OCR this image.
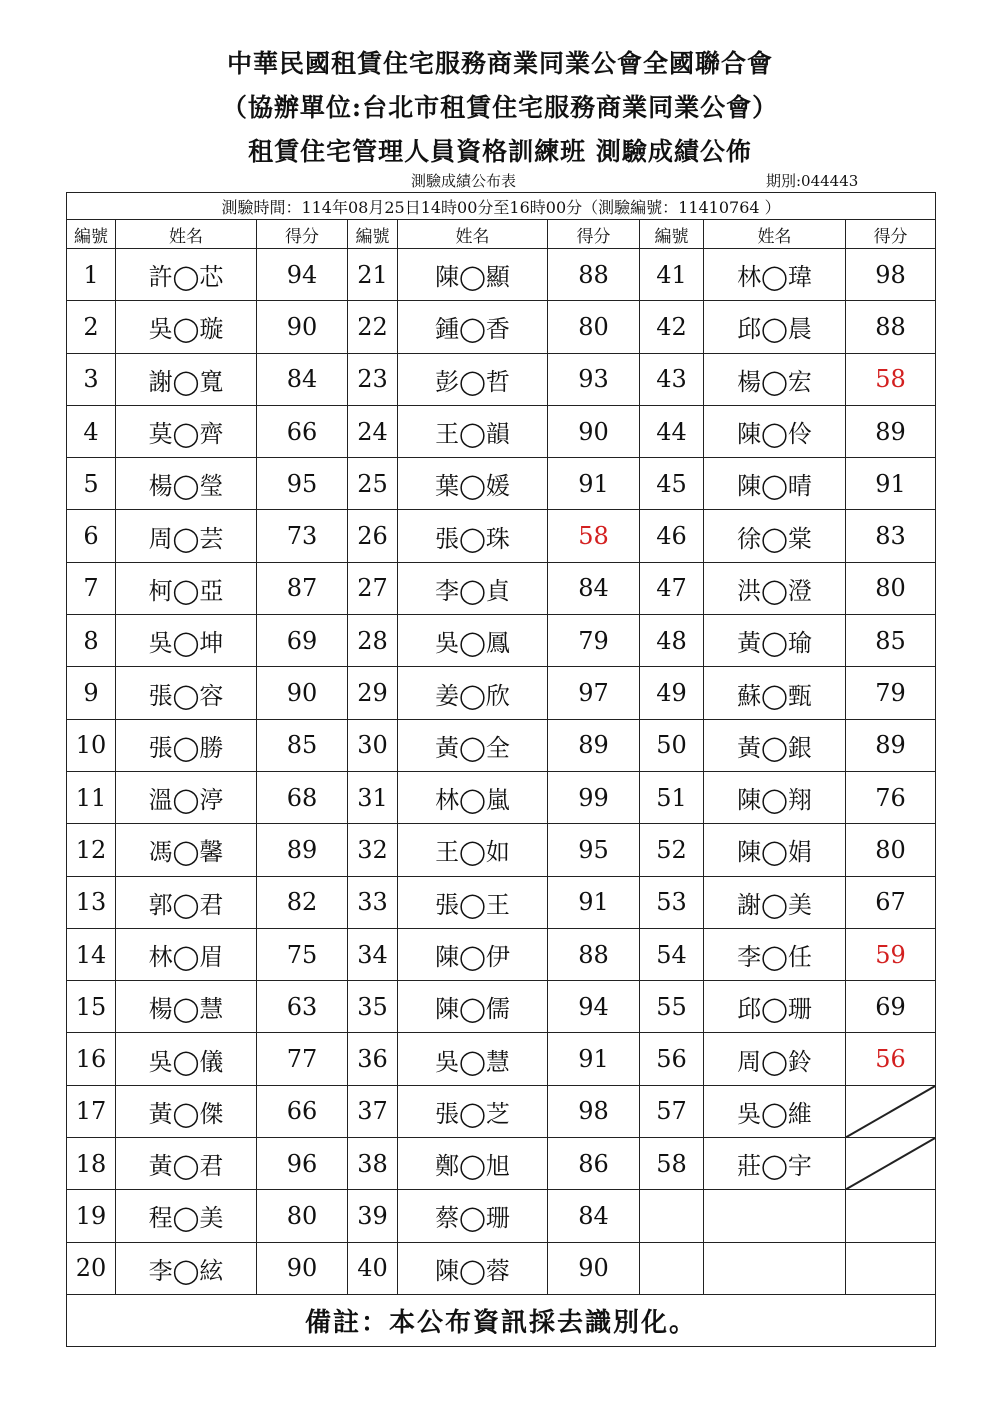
中華民國租賃住宅服務商業同業公會全國聯合會
（協辦單位:台北市租賃住宅服務商業同業公會）
租賃住宅管理人員資格訓練班 測驗成績公佈
測驗成績公布表	期別:044443
測驗時間：114年08月25日14時00分至16時00分（測驗編號：11410764 ）								
編號	姓名	得分	編號	姓名	得分	編號	姓名	得分
1	許◯芯	94	21	陳◯顯	88	41	林◯瑋	98
2	吳◯璇	90	22	鍾◯香	80	42	邱◯晨	88
3	謝◯寬	84	23	彭◯哲	93	43	楊◯宏	58
4	莫◯齊	66	24	王◯韻	90	44	陳◯伶	89
5	楊◯瑩	95	25	葉◯媛	91	45	陳◯晴	91
6	周◯芸	73	26	張◯珠	58	46	徐◯棠	83
7	柯◯亞	87	27	李◯貞	84	47	洪◯澄	80
8	吳◯坤	69	28	吳◯鳳	79	48	黃◯瑜	85
9	張◯容	90	29	姜◯欣	97	49	蘇◯甄	79
10	張◯勝	85	30	黃◯全	89	50	黃◯銀	89
11	溫◯渟	68	31	林◯嵐	99	51	陳◯翔	76
12	馮◯馨	89	32	王◯如	95	52	陳◯娟	80
13	郭◯君	82	33	張◯王	91	53	謝◯美	67
14	林◯眉	75	34	陳◯伊	88	54	李◯任	59
15	楊◯慧	63	35	陳◯儒	94	55	邱◯珊	69
16	吳◯儀	77	36	吳◯慧	91	56	周◯鈴	56
17	黃◯傑	66	37	張◯芝	98	57	吳◯維	

18	黃◯君	96	38	鄭◯旭	86	58	莊◯宇	

19	程◯美	80	39	蔡◯珊	84			
20	李◯絃	90	40	陳◯蓉	90			
備註：本公布資訊採去識別化。								
